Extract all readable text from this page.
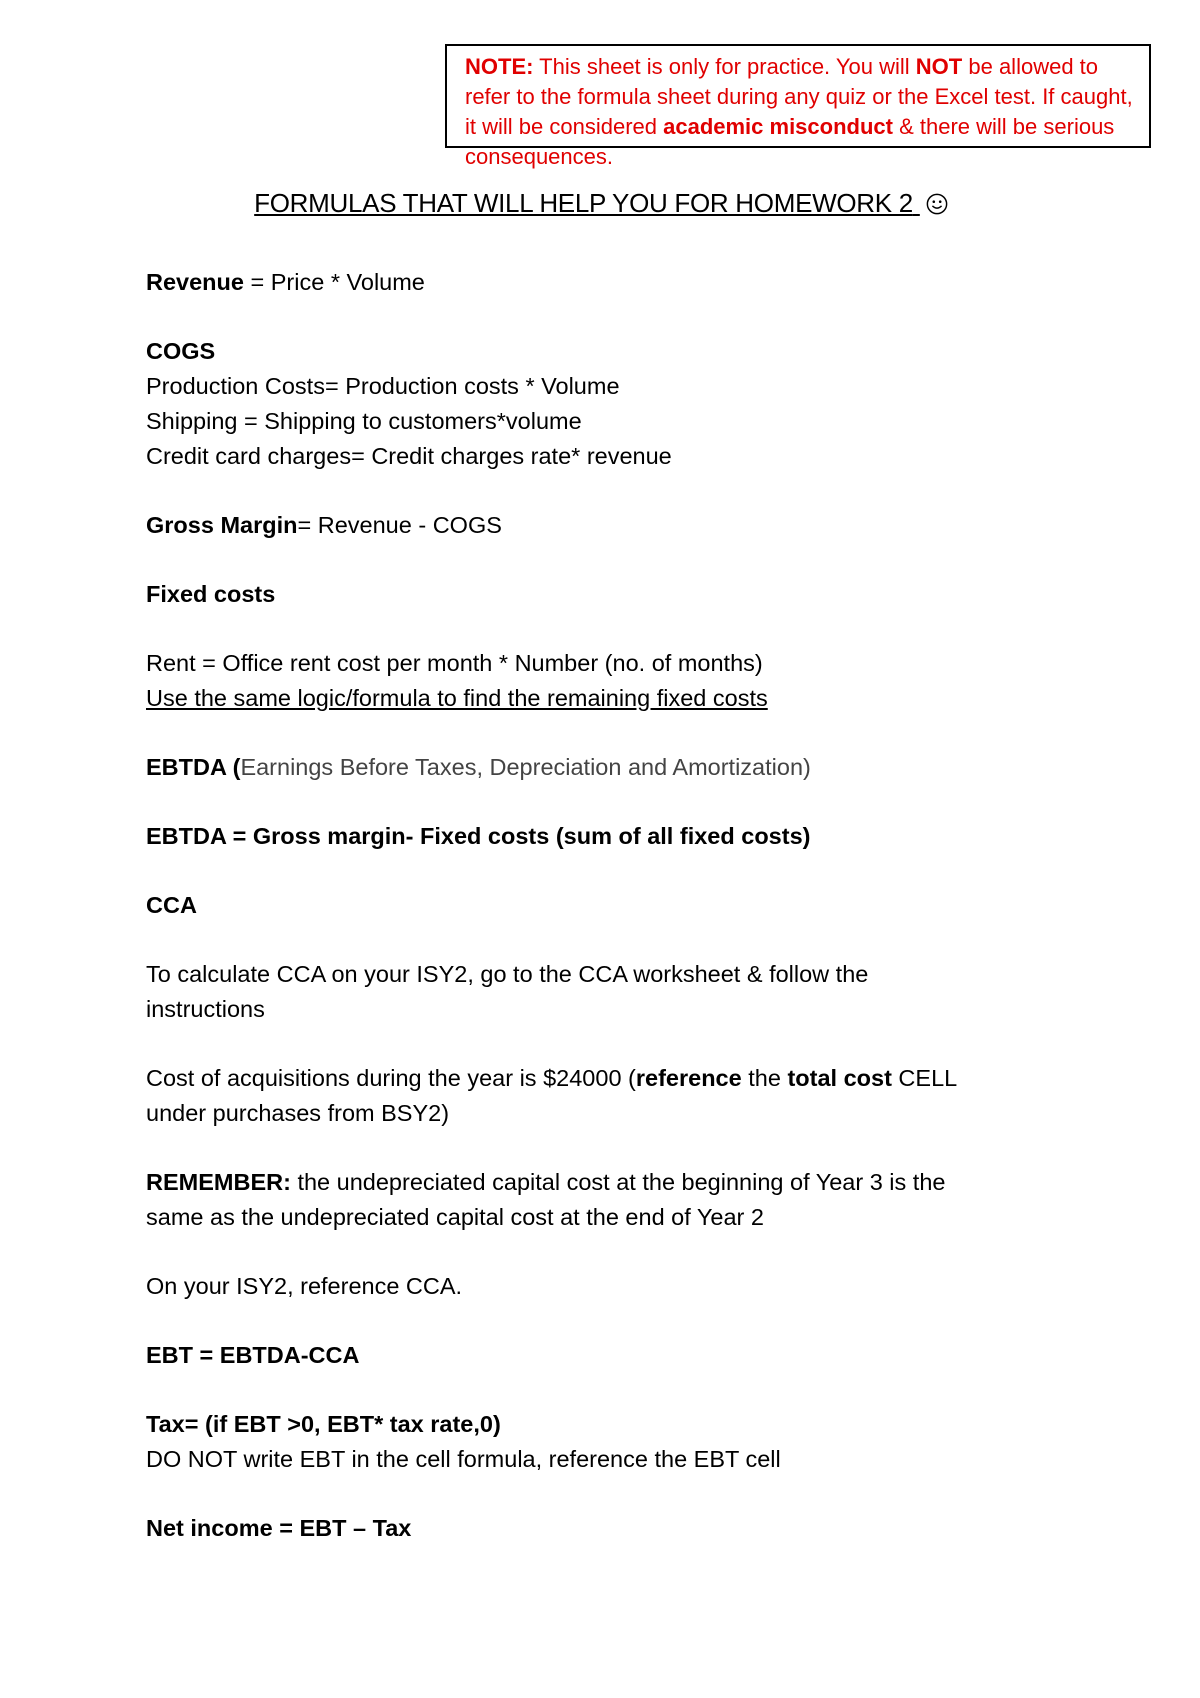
NOTE: This sheet is only for practice. You will NOT be allowed to refer to the formula sheet during any quiz or the Excel test. If caught, it will be considered academic misconduct & there will be serious consequences.
FORMULAS THAT WILL HELP YOU FOR HOMEWORK 2
Revenue = Price * Volume
COGS
Production Costs= Production costs * Volume
Shipping = Shipping to customers*volume
Credit card charges= Credit charges rate* revenue
Gross Margin= Revenue - COGS
Fixed costs
Rent = Office rent cost per month * Number (no. of months)
Use the same logic/formula to find the remaining fixed costs
EBTDA (Earnings Before Taxes, Depreciation and Amortization)
EBTDA = Gross margin- Fixed costs (sum of all fixed costs)
CCA
To calculate CCA on your ISY2, go to the CCA worksheet & follow the
instructions
Cost of acquisitions during the year is $24000 (reference the total cost CELL
under purchases from BSY2)
REMEMBER: the undepreciated capital cost at the beginning of Year 3 is the
same as the undepreciated capital cost at the end of Year 2
On your ISY2, reference CCA.
EBT = EBTDA-CCA
Tax= (if EBT >0, EBT* tax rate,0)
DO NOT write EBT in the cell formula, reference the EBT cell
Net income = EBT – Tax
